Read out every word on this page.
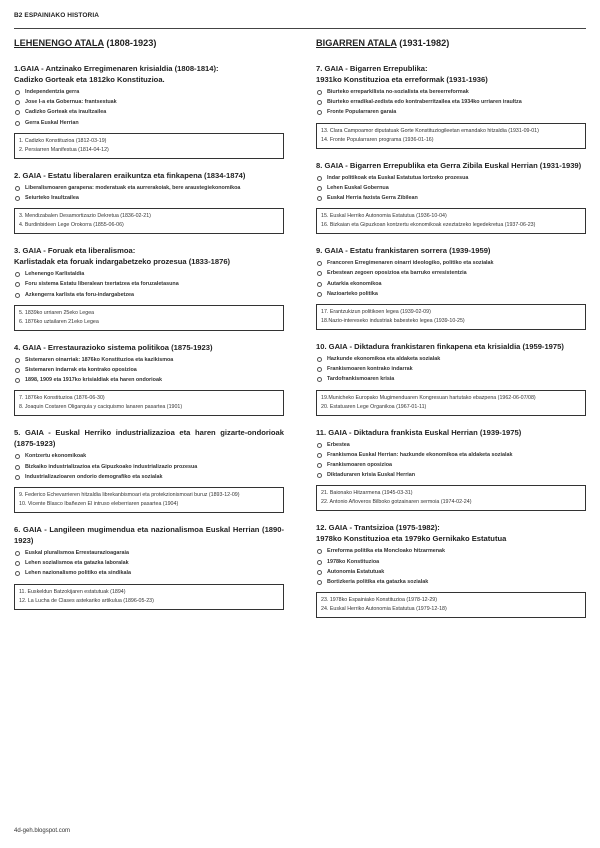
B2 ESPAINIAKO HISTORIA
LEHENENGO ATALA (1808-1923)
1.GAIA - Antzinako Erregimenaren krisialdia (1808-1814):
Cadizko Gorteak eta 1812ko Konstituzioa.
Independentzia gerra
Jose I-a eta Gobernua: frantsestuak
Cadizko Gorteak eta iraultzailea
Gerra Euskal Herrian
1. Cadizko Konstituzioa (1812-03-19)
2. Persiarren Manifestua (1814-04-12)
2. GAIA - Estatu liberalaren eraikuntza eta finkapena (1834-1874)
Liberalismoaren garapena: moderatuak eta aurrerakoiak, bere araustegiekonomikoa
Seiurteko Iraultzailea
3. Mendizabalen Desamortizazio Dekretua (1836-02-21)
4. Burdinbideen Lege Orokorra (1855-06-06)
3. GAIA - Foruak eta liberalismoa:
Karlistadak eta foruak indargabetzeko prozesua (1833-1876)
Lehenengo Karlistaldia
Foru sistema Estatu liberalean txertatzea eta foruzaletasuna
Azkengerra karlista eta foru-indargabetzea
5. 1839ko urriaren 25eko Legea
6. 1876ko uztailaren 21eko Legea
4. GAIA - Errestaurazioko sistema politikoa (1875-1923)
Sistemaren oinarriak: 1876ko Konstituzioa eta kazikismoa
Sistemaren indarrak eta kontrako oposizioa
1898, 1909 eta 1917ko krisialdiak eta haren ondorioak
7. 1876ko Konstituzioa (1876-06-30)
8. Joaquin Costaren Oligarquia y caciquismo lanaren pasartea (1901)
5. GAIA - Euskal Herriko industrializazioa eta haren gizarte-ondorioak (1875-1923)
Kontzertu ekonomikoak
Bizkaiko industrializazioa eta Gipuzkoako industrializazio prozesua
Industrializazioaren ondorio demografiko eta sozialak
9. Federico Echevarrieren hitzaldia librekanbismoari eta protekzionismoari buruz (1893-12-09)
10. Vicente Blasco Ibañezen El intruso eleberriaren pasartea (1904)
6. GAIA - Langileen mugimendua eta nazionalismoa Euskal Herrian (1890-1923)
Euskal pluralismoa Errestaurazioagaraia
Lehen sozialismoa eta gatazka laboralak
Lehen nazionalismo politiko eta sindikala
11. Euskeldun Batzokijaren estatutuak (1894)
12. La Lucha de Clases astekariko artikulua (1896-05-23)
BIGARREN ATALA (1931-1982)
7. GAIA - Bigarren Errepublika:
1931ko Konstituzioa eta erreformak (1931-1936)
Biurteko erreparkilista no-sozialista eta bereerreformak
Biurteko erradikal-zedista edo kontraberritzailea eta 1934ko urriaren iraultza
Fronte Popularraren garaia
13. Clara Campoamor diputatuak Gorte Konstituziogileetan emandako hitzaldia (1931-09-01)
14. Fronte Popularraren programa (1936-01-16)
8. GAIA - Bigarren Errepublika eta Gerra Zibila Euskal Herrian (1931-1939)
Indar politikoak eta Euskal Estatutua lortzeko prozesua
Lehen Euskal Gobernua
Euskal Herria faxista Gerra Zibilean
15. Euskal Herriko Autonomia Estatutua (1936-10-04)
16. Bizkaian eta Gipuzkoan kontzertu ekonomikoak ezeztatzeko legedekretua (1937-06-23)
9. GAIA - Estatu frankistaren sorrera (1939-1959)
Francoren Erregimenaren oinarri ideologiko, politiko eta sozialak
Erbestean zegoen oposizioa eta barruko erresistentzia
Autarkia ekonomikoa
Nazioarteko politika
17. Erantzukizun politikoen legea (1939-02-09)
18.Nazio-intereseko industriak babesteko legea (1939-10-25)
10. GAIA - Diktadura frankistaren finkapena eta krisialdia (1959-1975)
Hazkunde ekonomikoa eta aldaketa sozialak
Frankismoaren kontrako indarrak
Tardofrankismoaren krisia
19.Municheko Europako Mugimenduaren Kongresuan hartutako ebazpena (1962-06-07/08)
20. Estatuaren Lege Organikoa (1967-01-11)
11. GAIA - Diktadura frankista Euskal Herrian (1939-1975)
Erbestea
Frankismoa Euskal Herrian: hazkunde ekonomikoa eta aldaketa sozialak
Frankismoaren oposizioa
Diktaduraren krisia Euskal Herrian
21. Baionako Hitzarmena (1945-03-31)
22. Antonio Añoveros Bilboko gotzainaren sermoia (1974-02-24)
12. GAIA - Trantsizioa (1975-1982):
1978ko Konstituzioa eta 1979ko Gernikako Estatutua
Erreforma politika eta Moncloako hitzarmenak
1978ko Konstituzioa
Autonomia Estatutuak
Bortizkeria politika eta gatazka sozialak
23. 1978ko Espainiako Konstituzioa (1978-12-29)
24. Euskal Herriko Autonomia Estatutua (1979-12-18)
4d-geh.blogspot.com
